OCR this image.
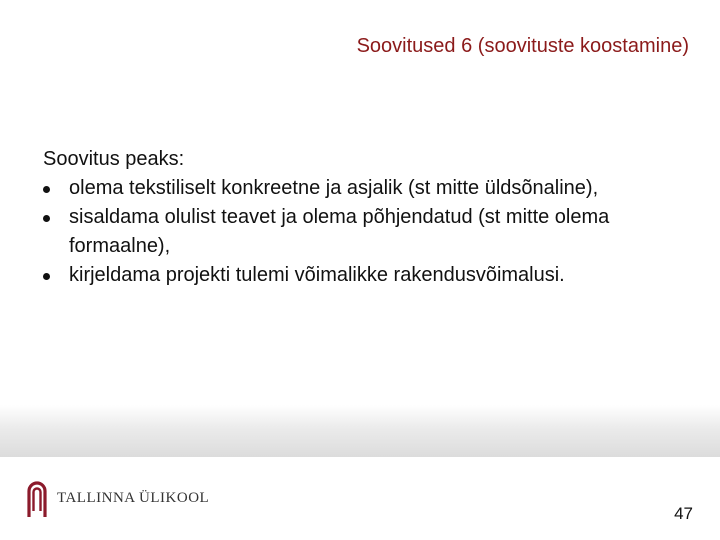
Soovitused 6 (soovituste koostamine)

Soovitus peaks:

olema tekstiliselt konkreetne ja asjalik (st mitte üldsõnaline),
sisaldama olulist teavet ja olema põhjendatud (st mitte olema formaalne),
kirjeldama projekti tulemi võimalikke rakendusvõimalusi.
TALLINNA ÜLIKOOL
47
